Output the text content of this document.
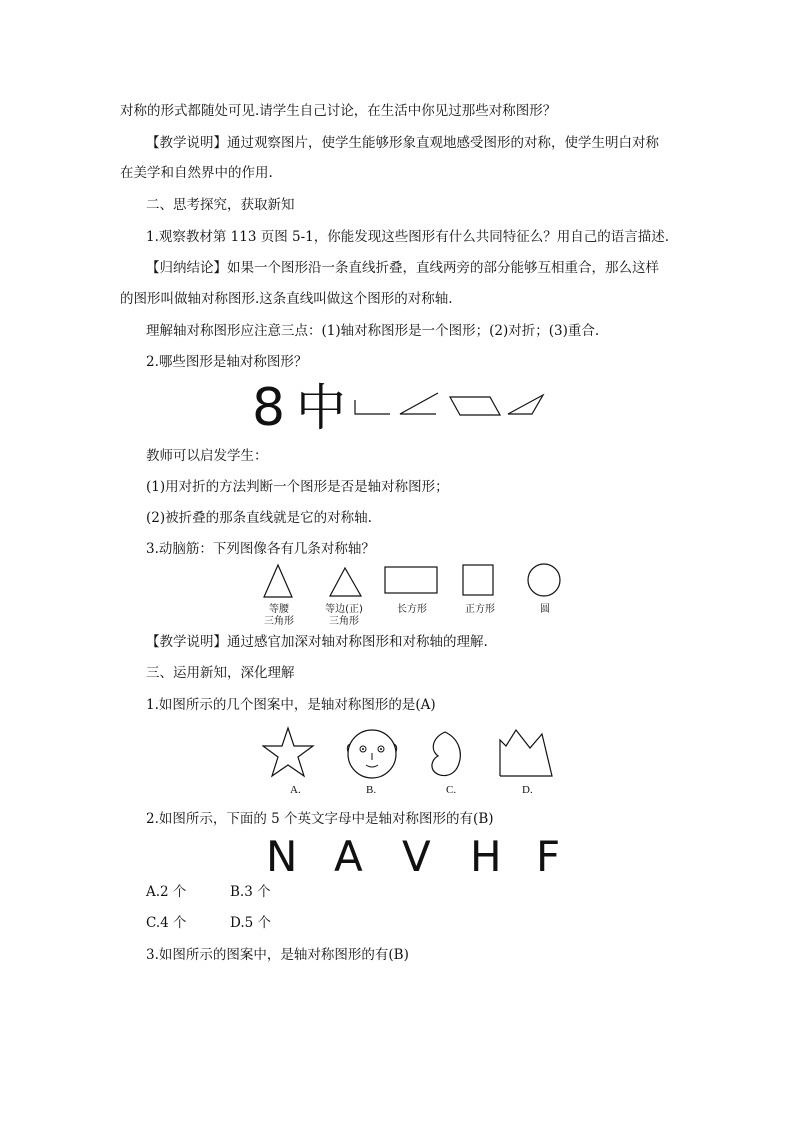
对称的形式都随处可见.请学生自己讨论，在生活中你见过那些对称图形？
【教学说明】通过观察图片，使学生能够形象直观地感受图形的对称，使学生明白对称
在美学和自然界中的作用.
二、思考探究，获取新知
1.观察教材第 113 页图 5-1，你能发现这些图形有什么共同特征么？用自己的语言描述.
【归纳结论】如果一个图形沿一条直线折叠，直线两旁的部分能够互相重合，那么这样
的图形叫做轴对称图形.这条直线叫做这个图形的对称轴.
理解轴对称图形应注意三点：(1)轴对称图形是一个图形；(2)对折；(3)重合.
2.哪些图形是轴对称图形？
8 中
教师可以启发学生：
(1)用对折的方法判断一个图形是否是轴对称图形；
(2)被折叠的那条直线就是它的对称轴.
3.动脑筋：下列图像各有几条对称轴？
等腰
三角形
等边(正)
三角形
长方形	正方形	圆
【教学说明】通过感官加深对轴对称图形和对称轴的理解.
三、运用新知，深化理解
1.如图所示的几个图案中，是轴对称图形的是(A)
A.	B.	C.	D.
2.如图所示，下面的 5 个英文字母中是轴对称图形的有(B)
N A V H F
A.2 个	B.3 个
C.4 个	D.5 个
3.如图所示的图案中，是轴对称图形的有(B)
